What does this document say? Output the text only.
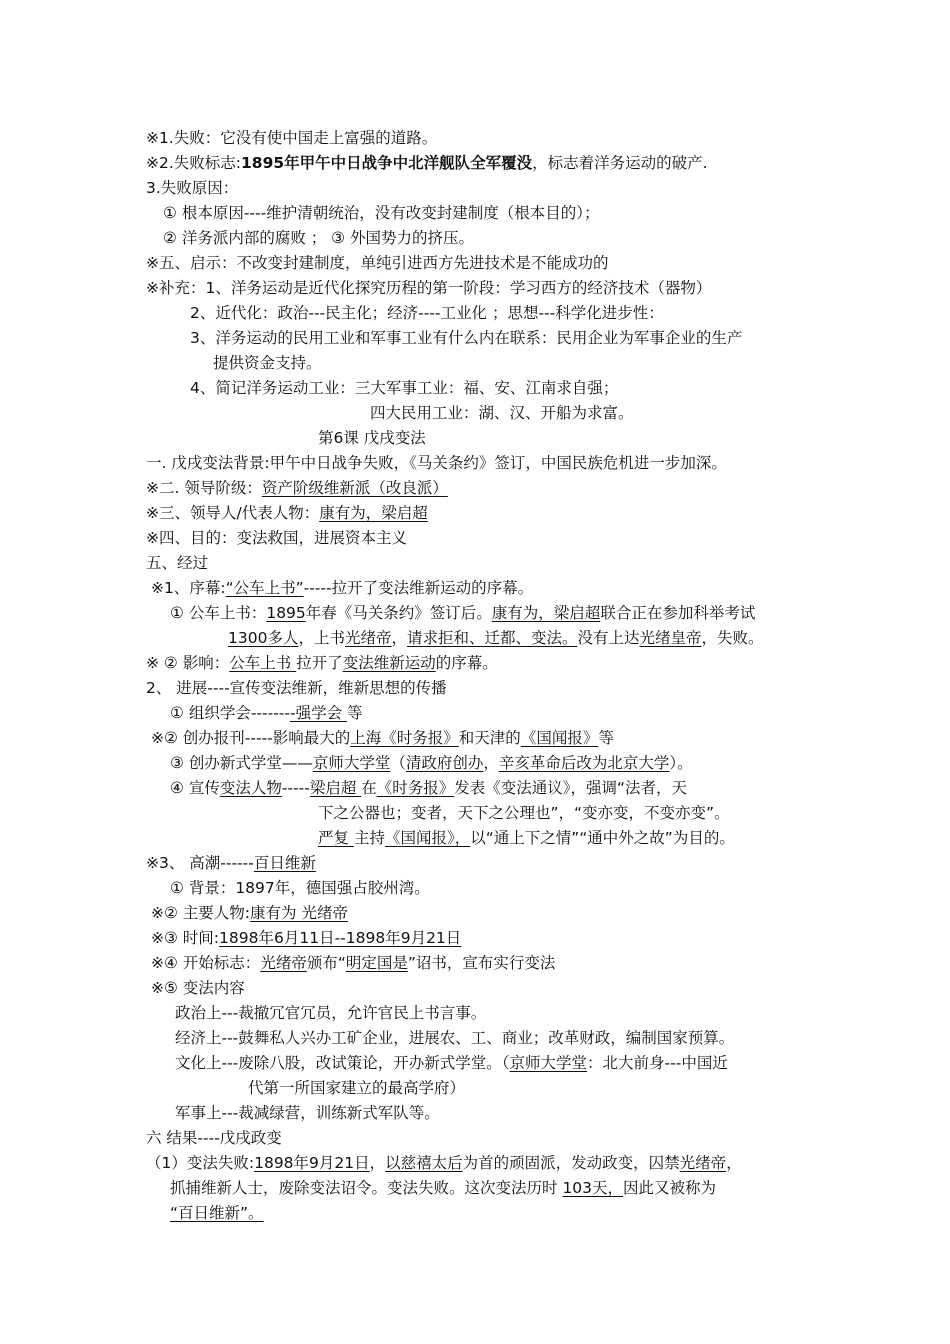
※1.失败：它没有使中国走上富强的道路。
※2.失败标志:1895年甲午中日战争中北洋舰队全军覆没，标志着洋务运动的破产.
3.失败原因：
① 根本原因----维护清朝统治，没有改变封建制度（根本目的）；
② 洋务派内部的腐败 ； ③ 外国势力的挤压。
※五、启示：不改变封建制度，单纯引进西方先进技术是不能成功的
※补充：1、洋务运动是近代化探究历程的第一阶段：学习西方的经济技术（器物）
2、近代化：政治---民主化；经济----工业化 ；思想---科学化进步性：
3、洋务运动的民用工业和军事工业有什么内在联系：民用企业为军事企业的生产
提供资金支持。
4、简记洋务运动工业：三大军事工业：福、安、江南求自强；
四大民用工业：湖、汉、开船为求富。
第6课 戊戌变法
一. 戊戌变法背景:甲午中日战争失败，《马关条约》签订，中国民族危机进一步加深。
※二. 领导阶级：资产阶级维新派（改良派）
※三、领导人/代表人物：康有为，梁启超
※四、目的：变法救国，进展资本主义
五、经过
※1、序幕:“公车上书”-----拉开了变法维新运动的序幕。
① 公车上书：1895年春《马关条约》签订后。康有为，梁启超联合正在参加科举考试
1300多人，上书光绪帝，请求拒和、迁都、变法。没有上达光绪皇帝，失败。
※ ② 影响：公车上书 拉开了变法维新运动的序幕。
2、 进展----宣传变法维新，维新思想的传播
① 组织学会--------强学会 等
※② 创办报刊-----影响最大的上海《时务报》和天津的《国闻报》等
③ 创办新式学堂——京师大学堂（清政府创办，辛亥革命后改为北京大学）。
④ 宣传变法人物-----梁启超 在《时务报》发表《变法通议》，强调“法者，天
下之公器也；变者，天下之公理也”，“变亦变，不变亦变”。
严复 主持《国闻报》，以“通上下之情”“通中外之故”为目的。
※3、 高潮------百日维新
① 背景：1897年，德国强占胶州湾。
※② 主要人物:康有为 光绪帝
※③ 时间:1898年6月11日--1898年9月21日
※④ 开始标志：光绪帝颁布“明定国是”诏书，宣布实行变法
※⑤ 变法内容
政治上---裁撤冗官冗员，允许官民上书言事。
经济上---鼓舞私人兴办工矿企业，进展农、工、商业；改革财政，编制国家预算。
文化上---废除八股，改试策论，开办新式学堂。（京师大学堂：北大前身---中国近
代第一所国家建立的最高学府）
军事上---裁减绿营，训练新式军队等。
六 结果----戊戌政变
（1）变法失败:1898年9月21日，以慈禧太后为首的顽固派，发动政变，囚禁光绪帝，
抓捕维新人士，废除变法诏令。变法失败。这次变法历时 103天，因此又被称为
“百日维新”。
